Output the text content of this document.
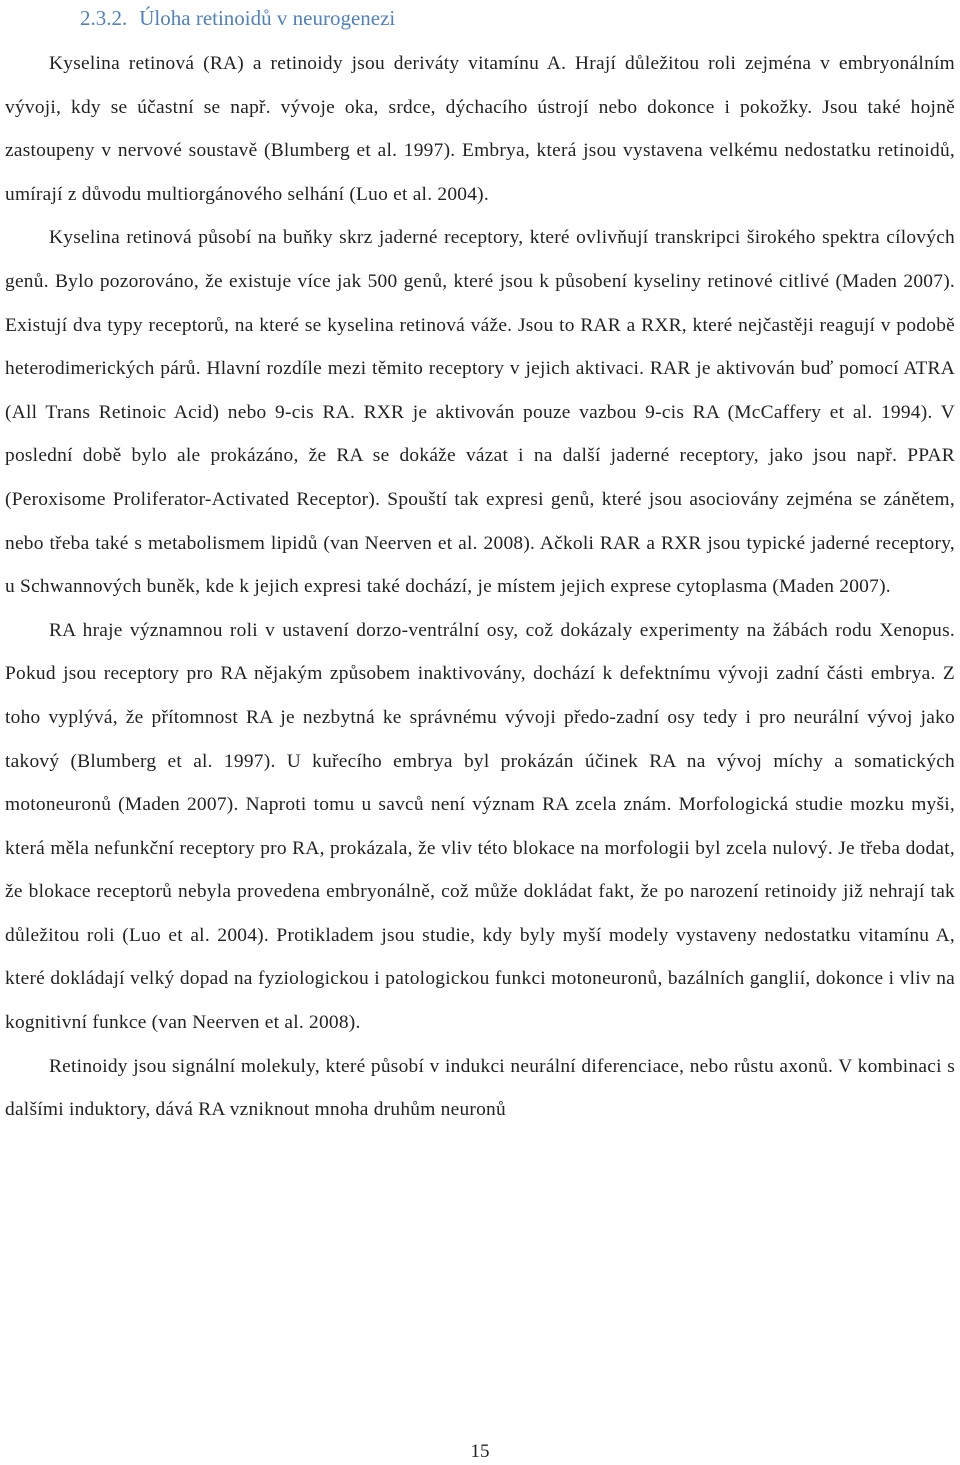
2.3.2. Úloha retinoidů v neurogenezi

Kyselina retinová (RA) a retinoidy jsou deriváty vitamínu A. Hrají důležitou roli zejména v embryonálním vývoji, kdy se účastní se např. vývoje oka, srdce, dýchacího ústrojí nebo dokonce i pokožky. Jsou také hojně zastoupeny v nervové soustavě (Blumberg et al. 1997). Embrya, která jsou vystavena velkému nedostatku retinoidů, umírají z důvodu multiorgánového selhání (Luo et al. 2004).

Kyselina retinová působí na buňky skrz jaderné receptory, které ovlivňují transkripci širokého spektra cílových genů. Bylo pozorováno, že existuje více jak 500 genů, které jsou k působení kyseliny retinové citlivé (Maden 2007). Existují dva typy receptorů, na které se kyselina retinová váže. Jsou to RAR a RXR, které nejčastěji reagují v podobě heterodimerických párů. Hlavní rozdíle mezi těmito receptory v jejich aktivaci. RAR je aktivován buď pomocí ATRA (All Trans Retinoic Acid) nebo 9-cis RA. RXR je aktivován pouze vazbou 9-cis RA (McCaffery et al. 1994). V poslední době bylo ale prokázáno, že RA se dokáže vázat i na další jaderné receptory, jako jsou např. PPAR (Peroxisome Proliferator-Activated Receptor). Spouští tak expresi genů, které jsou asociovány zejména se zánětem, nebo třeba také s metabolismem lipidů (van Neerven et al. 2008). Ačkoli RAR a RXR jsou typické jaderné receptory, u Schwannových buněk, kde k jejich expresi také dochází, je místem jejich exprese cytoplasma (Maden 2007).

RA hraje významnou roli v ustavení dorzo-ventrální osy, což dokázaly experimenty na žábách rodu Xenopus. Pokud jsou receptory pro RA nějakým způsobem inaktivovány, dochází k defektnímu vývoji zadní části embrya. Z toho vyplývá, že přítomnost RA je nezbytná ke správnému vývoji předo-zadní osy tedy i pro neurální vývoj jako takový (Blumberg et al. 1997). U kuřecího embrya byl prokázán účinek RA na vývoj míchy a somatických motoneuronů (Maden 2007). Naproti tomu u savců není význam RA zcela znám. Morfologická studie mozku myši, která měla nefunkční receptory pro RA, prokázala, že vliv této blokace na morfologii byl zcela nulový. Je třeba dodat, že blokace receptorů nebyla provedena embryonálně, což může dokládat fakt, že po narození retinoidy již nehrají tak důležitou roli (Luo et al. 2004). Protikladem jsou studie, kdy byly myší modely vystaveny nedostatku vitamínu A, které dokládají velký dopad na fyziologickou i patologickou funkci motoneuronů, bazálních ganglií, dokonce i vliv na kognitivní funkce (van Neerven et al. 2008).

Retinoidy jsou signální molekuly, které působí v indukci neurální diferenciace, nebo růstu axonů. V kombinaci s dalšími induktory, dává RA vzniknout mnoha druhům neuronů

15
